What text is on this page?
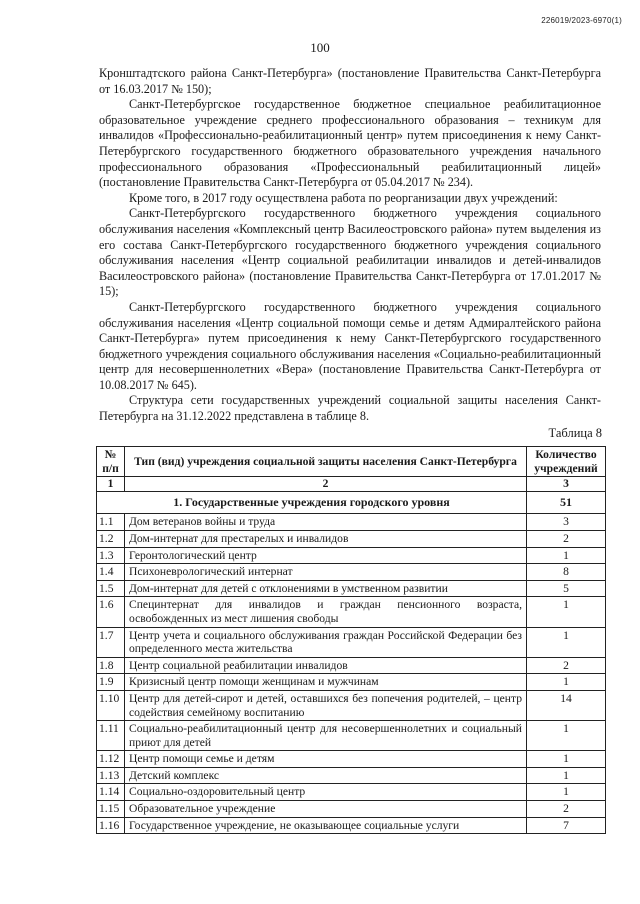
226019/2023-6970(1)
100

Кронштадтского района Санкт-Петербурга» (постановление Правительства Санкт-Петербурга от 16.03.2017 № 150);

Санкт-Петербургское государственное бюджетное специальное реабилитационное образовательное учреждение среднего профессионального образования – техникум для инвалидов «Профессионально-реабилитационный центр» путем присоединения к нему Санкт-Петербургского государственного бюджетного образовательного учреждения начального профессионального образования «Профессиональный реабилитационный лицей» (постановление Правительства Санкт-Петербурга от 05.04.2017 № 234).

Кроме того, в 2017 году осуществлена работа по реорганизации двух учреждений:

Санкт-Петербургского государственного бюджетного учреждения социального обслуживания населения «Комплексный центр Василеостровского района» путем выделения из его состава Санкт-Петербургского государственного бюджетного учреждения социального обслуживания населения «Центр социальной реабилитации инвалидов и детей-инвалидов Василеостровского района» (постановление Правительства Санкт-Петербурга от 17.01.2017 № 15);

Санкт-Петербургского государственного бюджетного учреждения социального обслуживания населения «Центр социальной помощи семье и детям Адмиралтейского района Санкт-Петербурга» путем присоединения к нему Санкт-Петербургского государственного бюджетного учреждения социального обслуживания населения «Социально-реабилитационный центр для несовершеннолетних «Вера» (постановление Правительства Санкт-Петербурга от 10.08.2017 № 645).

Структура сети государственных учреждений социальной защиты населения Санкт-Петербурга на 31.12.2022 представлена в таблице 8.

Таблица 8
№ п/п	Тип (вид) учреждения социальной защиты населения Санкт-Петербурга	Количество учреждений
1	2	3
1. Государственные учреждения городского уровня		51
1.1	Дом ветеранов войны и труда	3
1.2	Дом-интернат для престарелых и инвалидов	2
1.3	Геронтологический центр	1
1.4	Психоневрологический интернат	8
1.5	Дом-интернат для детей с отклонениями в умственном развитии	5
1.6	Специнтернат для инвалидов и граждан пенсионного возраста, освобожденных из мест лишения свободы	1
1.7	Центр учета и социального обслуживания граждан Российской Федерации без определенного места жительства	1
1.8	Центр социальной реабилитации инвалидов	2
1.9	Кризисный центр помощи женщинам и мужчинам	1
1.10	Центр для детей-сирот и детей, оставшихся без попечения родителей, – центр содействия семейному воспитанию	14
1.11	Социально-реабилитационный центр для несовершеннолетних и социальный приют для детей	1
1.12	Центр помощи семье и детям	1
1.13	Детский комплекс	1
1.14	Социально-оздоровительный центр	1
1.15	Образовательное учреждение	2
1.16	Государственное учреждение, не оказывающее социальные услуги	7
